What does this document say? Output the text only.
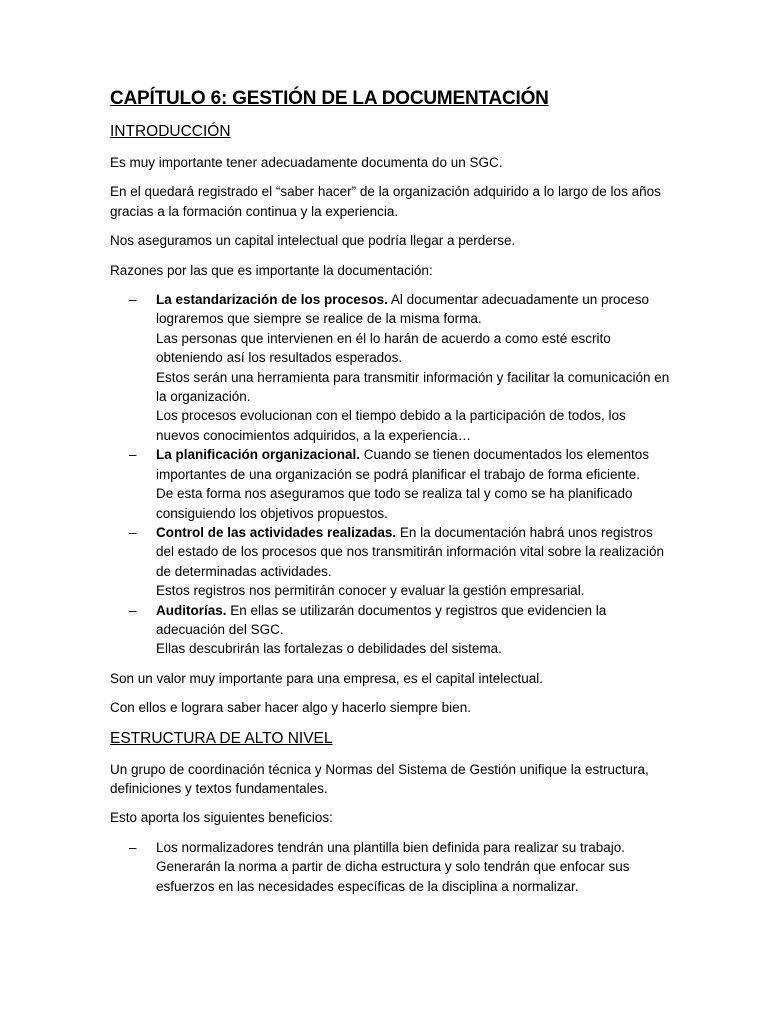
CAPÍTULO 6: GESTIÓN DE LA DOCUMENTACIÓN
INTRODUCCIÓN

Es muy importante tener adecuadamente documenta do un SGC.

En el quedará registrado el “saber hacer” de la organización adquirido a lo largo de los años gracias a la formación continua y la experiencia.

Nos aseguramos un capital intelectual que podría llegar a perderse.

Razones por las que es importante la documentación:

– La estandarización de los procesos. Al documentar adecuadamente un proceso lograremos que siempre se realice de la misma forma.
Las personas que intervienen en él lo harán de acuerdo a como esté escrito obteniendo así los resultados esperados.
Estos serán una herramienta para transmitir información y facilitar la comunicación en la organización.
Los procesos evolucionan con el tiempo debido a la participación de todos, los nuevos conocimientos adquiridos, a la experiencia…
– La planificación organizacional. Cuando se tienen documentados los elementos importantes de una organización se podrá planificar el trabajo de forma eficiente.
De esta forma nos aseguramos que todo se realiza tal y como se ha planificado consiguiendo los objetivos propuestos.
– Control de las actividades realizadas. En la documentación habrá unos registros del estado de los procesos que nos transmitirán información vital sobre la realización de determinadas actividades.
Estos registros nos permitirán conocer y evaluar la gestión empresarial.
– Auditorías. En ellas se utilizarán documentos y registros que evidencien la adecuación del SGC.
Ellas descubrirán las fortalezas o debilidades del sistema.

Son un valor muy importante para una empresa, es el capital intelectual.

Con ellos e lograra saber hacer algo y hacerlo siempre bien.

ESTRUCTURA DE ALTO NIVEL

Un grupo de coordinación técnica y Normas del Sistema de Gestión unifique la estructura, definiciones y textos fundamentales.

Esto aporta los siguientes beneficios:

– Los normalizadores tendrán una plantilla bien definida para realizar su trabajo. Generarán la norma a partir de dicha estructura y solo tendrán que enfocar sus esfuerzos en las necesidades específicas de la disciplina a normalizar.
